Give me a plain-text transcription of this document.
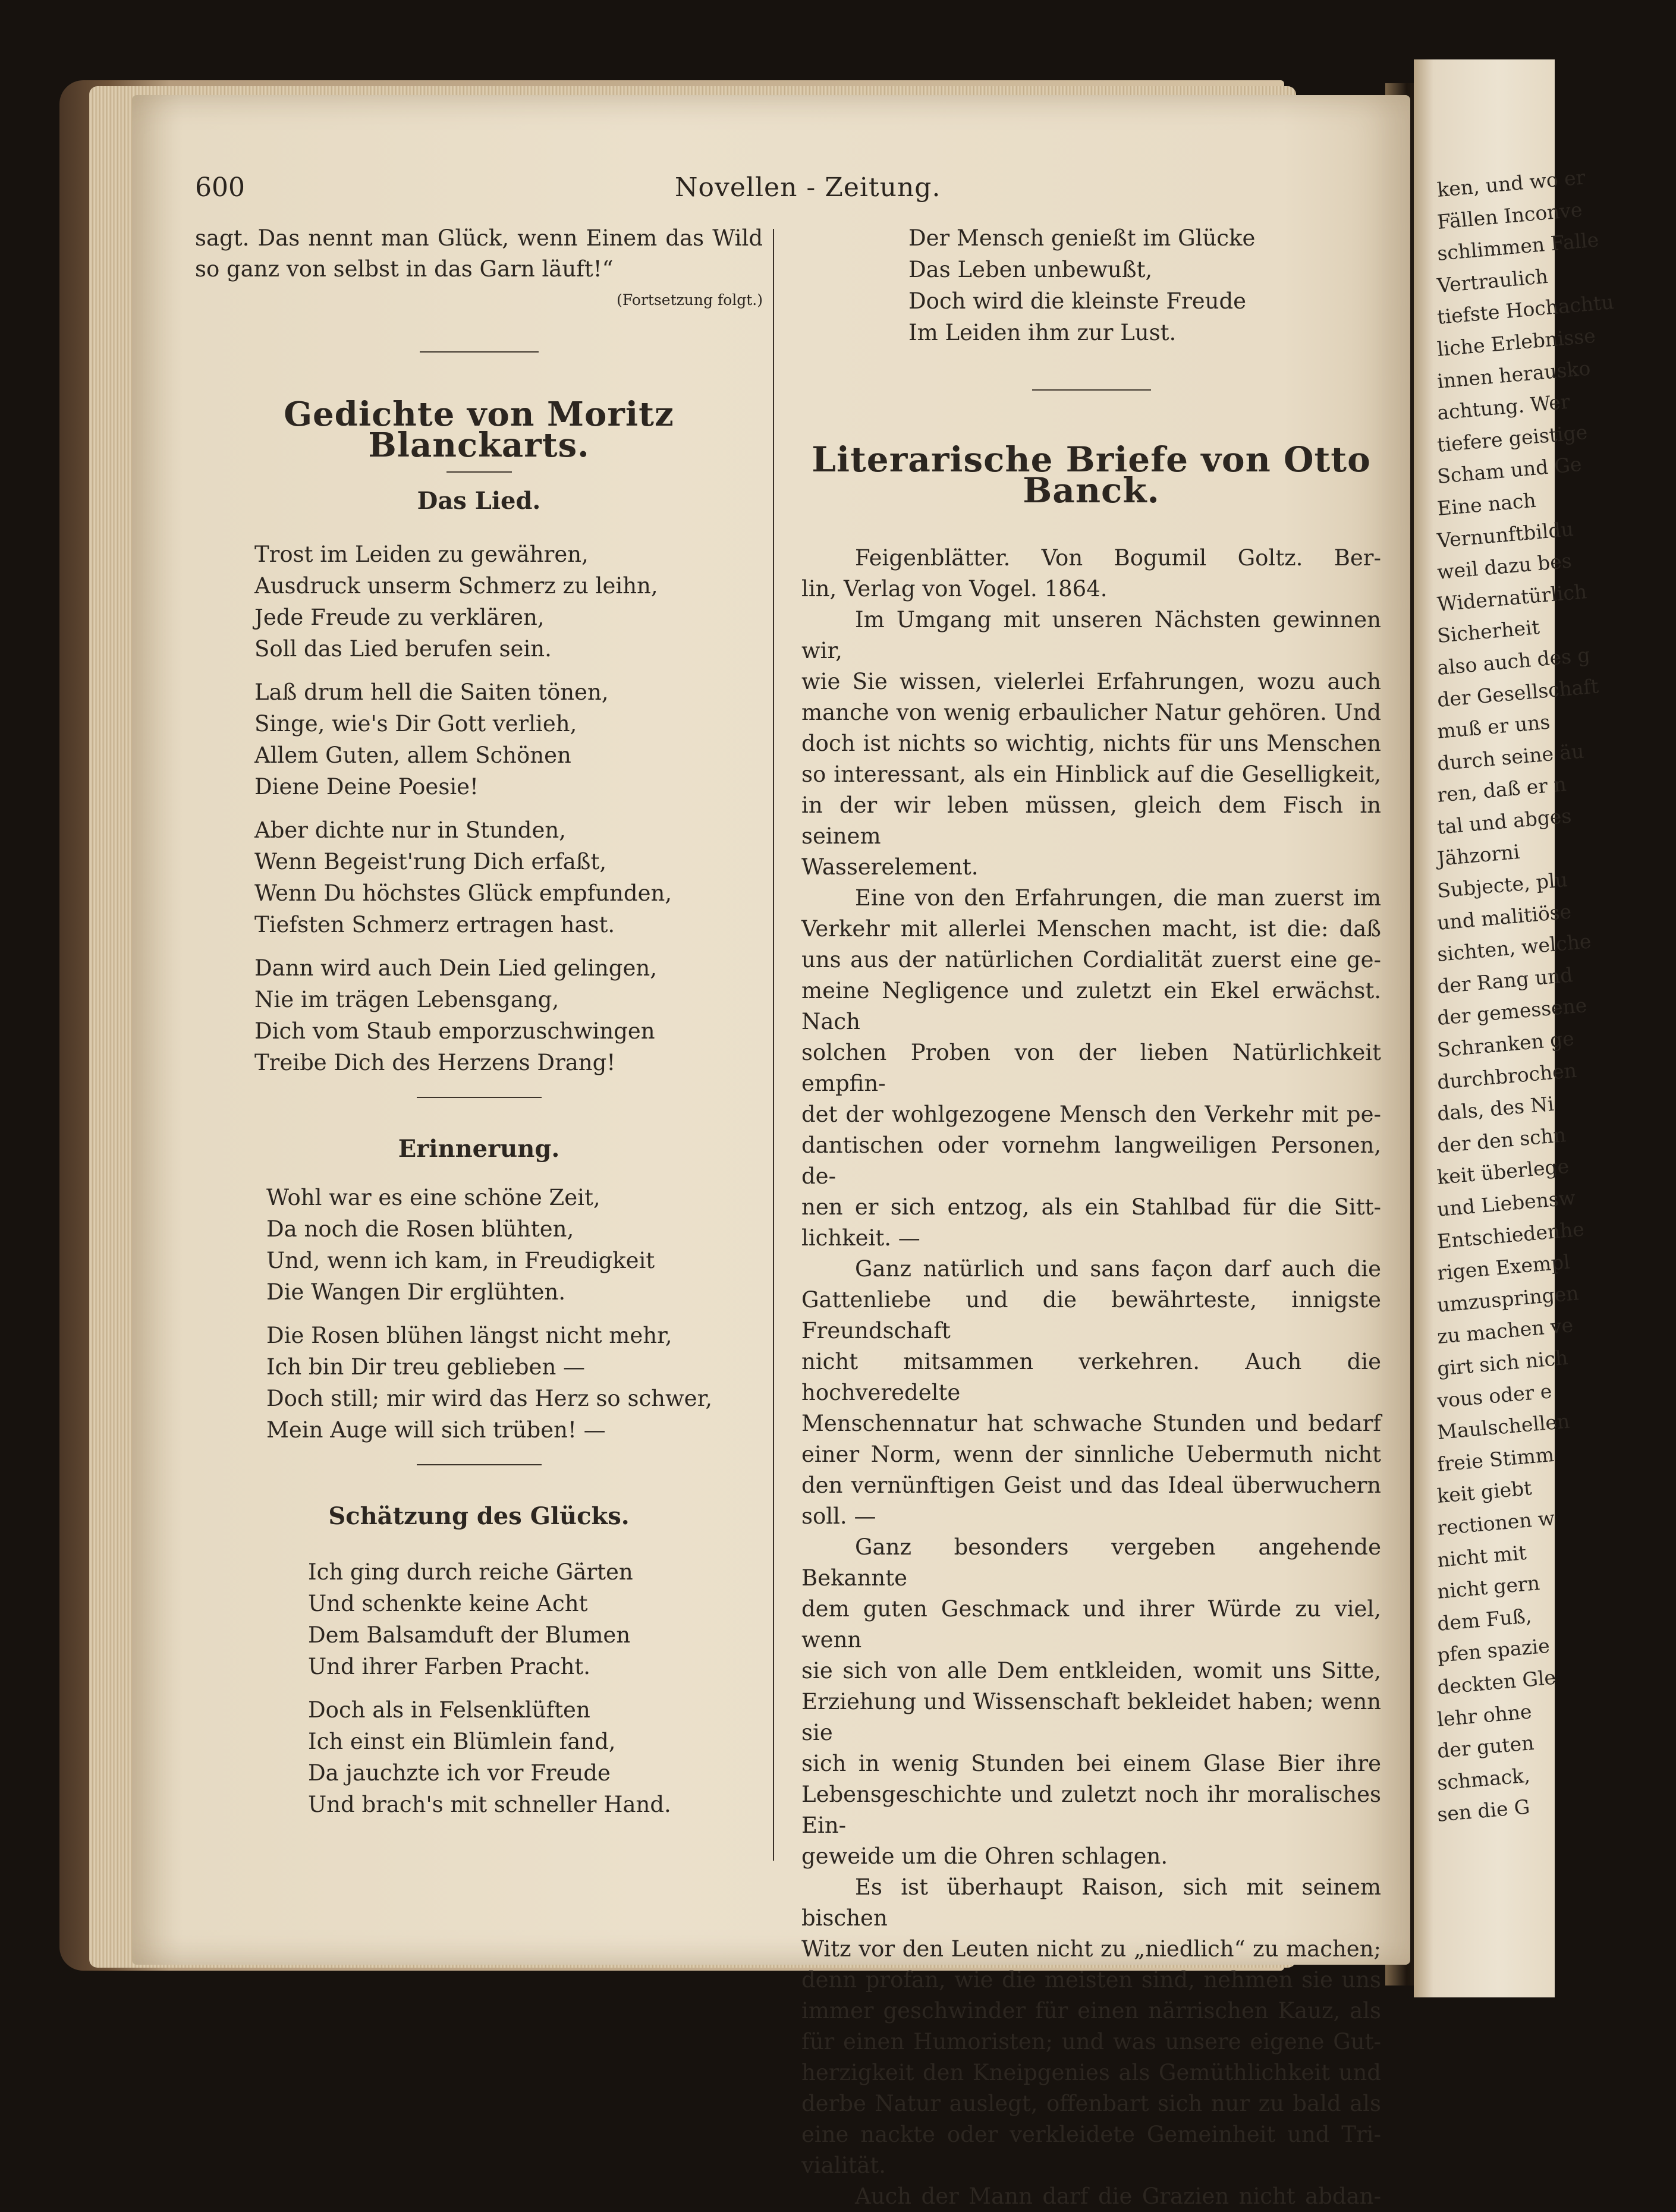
ken, und wo er
Fällen Inconve
schlimmen Falle
Vertraulich
tiefste Hochachtu
liche Erlebnisse
innen herausko
achtung. Wer
tiefere geistige
Scham und Ge
Eine nach
Vernunftbildu
weil dazu bes
Widernatürlich
Sicherheit
also auch des g
der Gesellschaft
muß er uns
durch seine äu
ren, daß er n
tal und abges
Jähzorni
Subjecte, plu
und malitiöse
sichten, welche
der Rang und
der gemessene
Schranken ge
durchbrochen
dals, des Ni
der den schn
keit überlege
und Liebensw
Entschiedenhe
rigen Exempl
umzuspringen
zu machen ve
girt sich nich
vous oder e
Maulschellen
freie Stimm
keit giebt
rectionen w
nicht mit
nicht gern
dem Fuß,
pfen spazie
deckten Gle
lehr ohne
der guten
schmack,
sen die G
600	Novellen - Zeitung.

sagt. Das nennt man Glück, wenn Einem das Wild

so ganz von selbst in das Garn läuft!“

(Fortsetzung folgt.)

Gedichte von Moritz Blanckarts.
Das Lied.
Trost im Leiden zu gewähren,
Ausdruck unserm Schmerz zu leihn,
Jede Freude zu verklären,
Soll das Lied berufen sein.
Laß drum hell die Saiten tönen,
Singe, wie's Dir Gott verlieh,
Allem Guten, allem Schönen
Diene Deine Poesie!
Aber dichte nur in Stunden,
Wenn Begeist'rung Dich erfaßt,
Wenn Du höchstes Glück empfunden,
Tiefsten Schmerz ertragen hast.
Dann wird auch Dein Lied gelingen,
Nie im trägen Lebensgang,
Dich vom Staub emporzuschwingen
Treibe Dich des Herzens Drang!
Erinnerung.
Wohl war es eine schöne Zeit,
Da noch die Rosen blühten,
Und, wenn ich kam, in Freudigkeit
Die Wangen Dir erglühten.
Die Rosen blühen längst nicht mehr,
Ich bin Dir treu geblieben —
Doch still; mir wird das Herz so schwer,
Mein Auge will sich trüben! —
Schätzung des Glücks.
Ich ging durch reiche Gärten
Und schenkte keine Acht
Dem Balsamduft der Blumen
Und ihrer Farben Pracht.
Doch als in Felsenklüften
Ich einst ein Blümlein fand,
Da jauchzte ich vor Freude
Und brach's mit schneller Hand.
Der Mensch genießt im Glücke
Das Leben unbewußt,
Doch wird die kleinste Freude
Im Leiden ihm zur Lust.
Literarische Briefe von Otto Banck.

Feigenblätter. Von Bogumil Goltz. Ber-

lin, Verlag von Vogel. 1864.

Im Umgang mit unseren Nächsten gewinnen wir,

wie Sie wissen, vielerlei Erfahrungen, wozu auch

manche von wenig erbaulicher Natur gehören. Und

doch ist nichts so wichtig, nichts für uns Menschen

so interessant, als ein Hinblick auf die Geselligkeit,

in der wir leben müssen, gleich dem Fisch in seinem

Wasserelement.

Eine von den Erfahrungen, die man zuerst im

Verkehr mit allerlei Menschen macht, ist die: daß

uns aus der natürlichen Cordialität zuerst eine ge-

meine Negligence und zuletzt ein Ekel erwächst. Nach

solchen Proben von der lieben Natürlichkeit empfin-

det der wohlgezogene Mensch den Verkehr mit pe-

dantischen oder vornehm langweiligen Personen, de-

nen er sich entzog, als ein Stahlbad für die Sitt-

lichkeit. —

Ganz natürlich und sans façon darf auch die

Gattenliebe und die bewährteste, innigste Freundschaft

nicht mitsammen verkehren. Auch die hochveredelte

Menschennatur hat schwache Stunden und bedarf

einer Norm, wenn der sinnliche Uebermuth nicht

den vernünftigen Geist und das Ideal überwuchern

soll. —

Ganz besonders vergeben angehende Bekannte

dem guten Geschmack und ihrer Würde zu viel, wenn

sie sich von alle Dem entkleiden, womit uns Sitte,

Erziehung und Wissenschaft bekleidet haben; wenn sie

sich in wenig Stunden bei einem Glase Bier ihre

Lebensgeschichte und zuletzt noch ihr moralisches Ein-

geweide um die Ohren schlagen.

Es ist überhaupt Raison, sich mit seinem bischen

Witz vor den Leuten nicht zu „niedlich“ zu machen;

denn profan, wie die meisten sind, nehmen sie uns

immer geschwinder für einen närrischen Kauz, als

für einen Humoristen; und was unsere eigene Gut-

herzigkeit den Kneipgenies als Gemüthlichkeit und

derbe Natur auslegt, offenbart sich nur zu bald als

eine nackte oder verkleidete Gemeinheit und Tri-

vialität.

Auch der Mann darf die Grazien nicht abdan-
